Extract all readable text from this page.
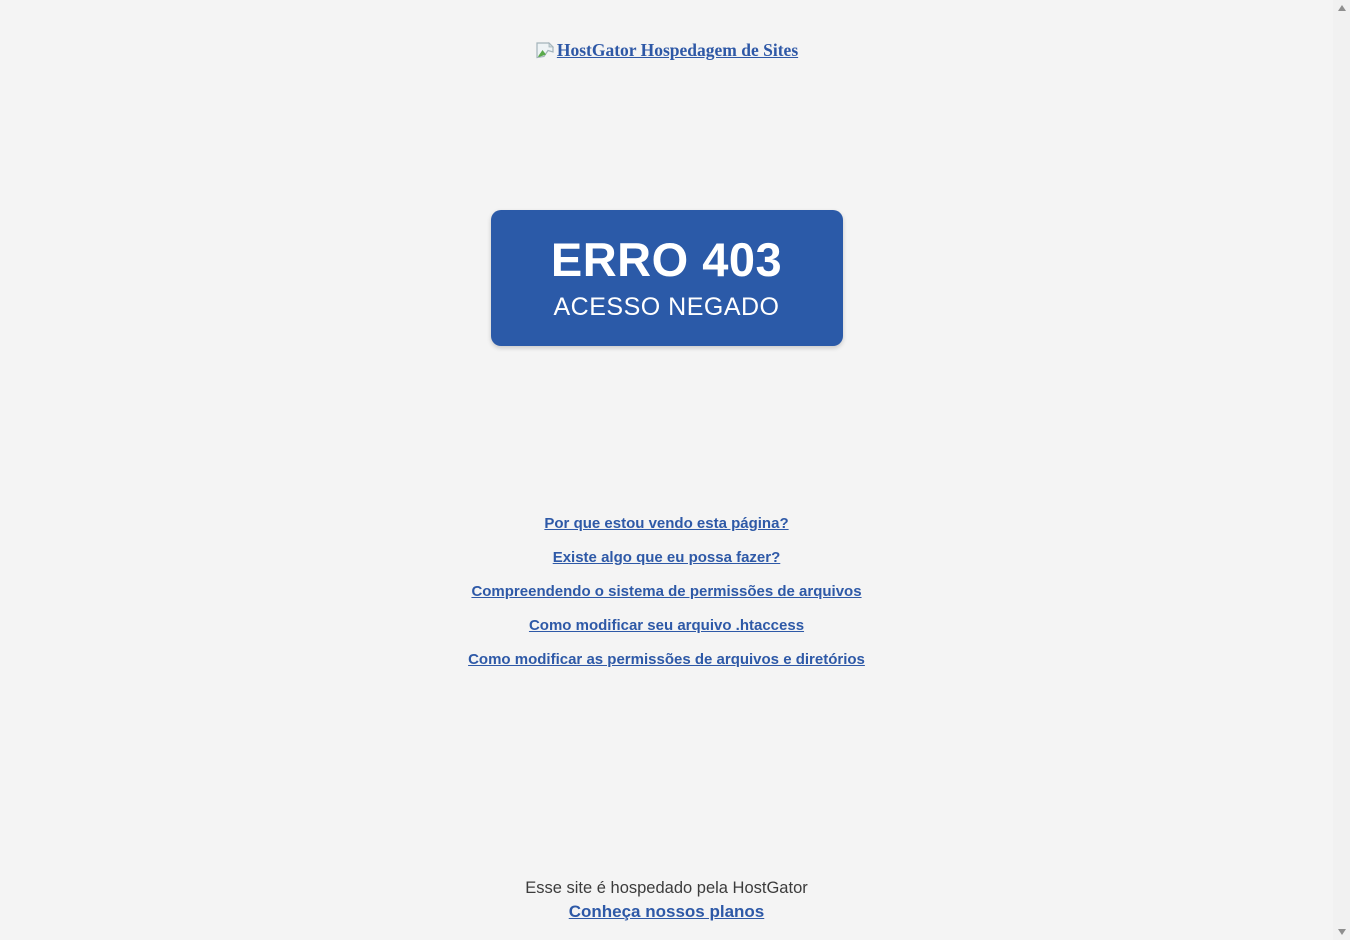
HostGator Hospedagem de Sites
ERRO 403
ACESSO NEGADO
Por que estou vendo esta página?
Existe algo que eu possa fazer?
Compreendendo o sistema de permissões de arquivos
Como modificar seu arquivo .htaccess
Como modificar as permissões de arquivos e diretórios
Esse site é hospedado pela HostGator
Conheça nossos planos
